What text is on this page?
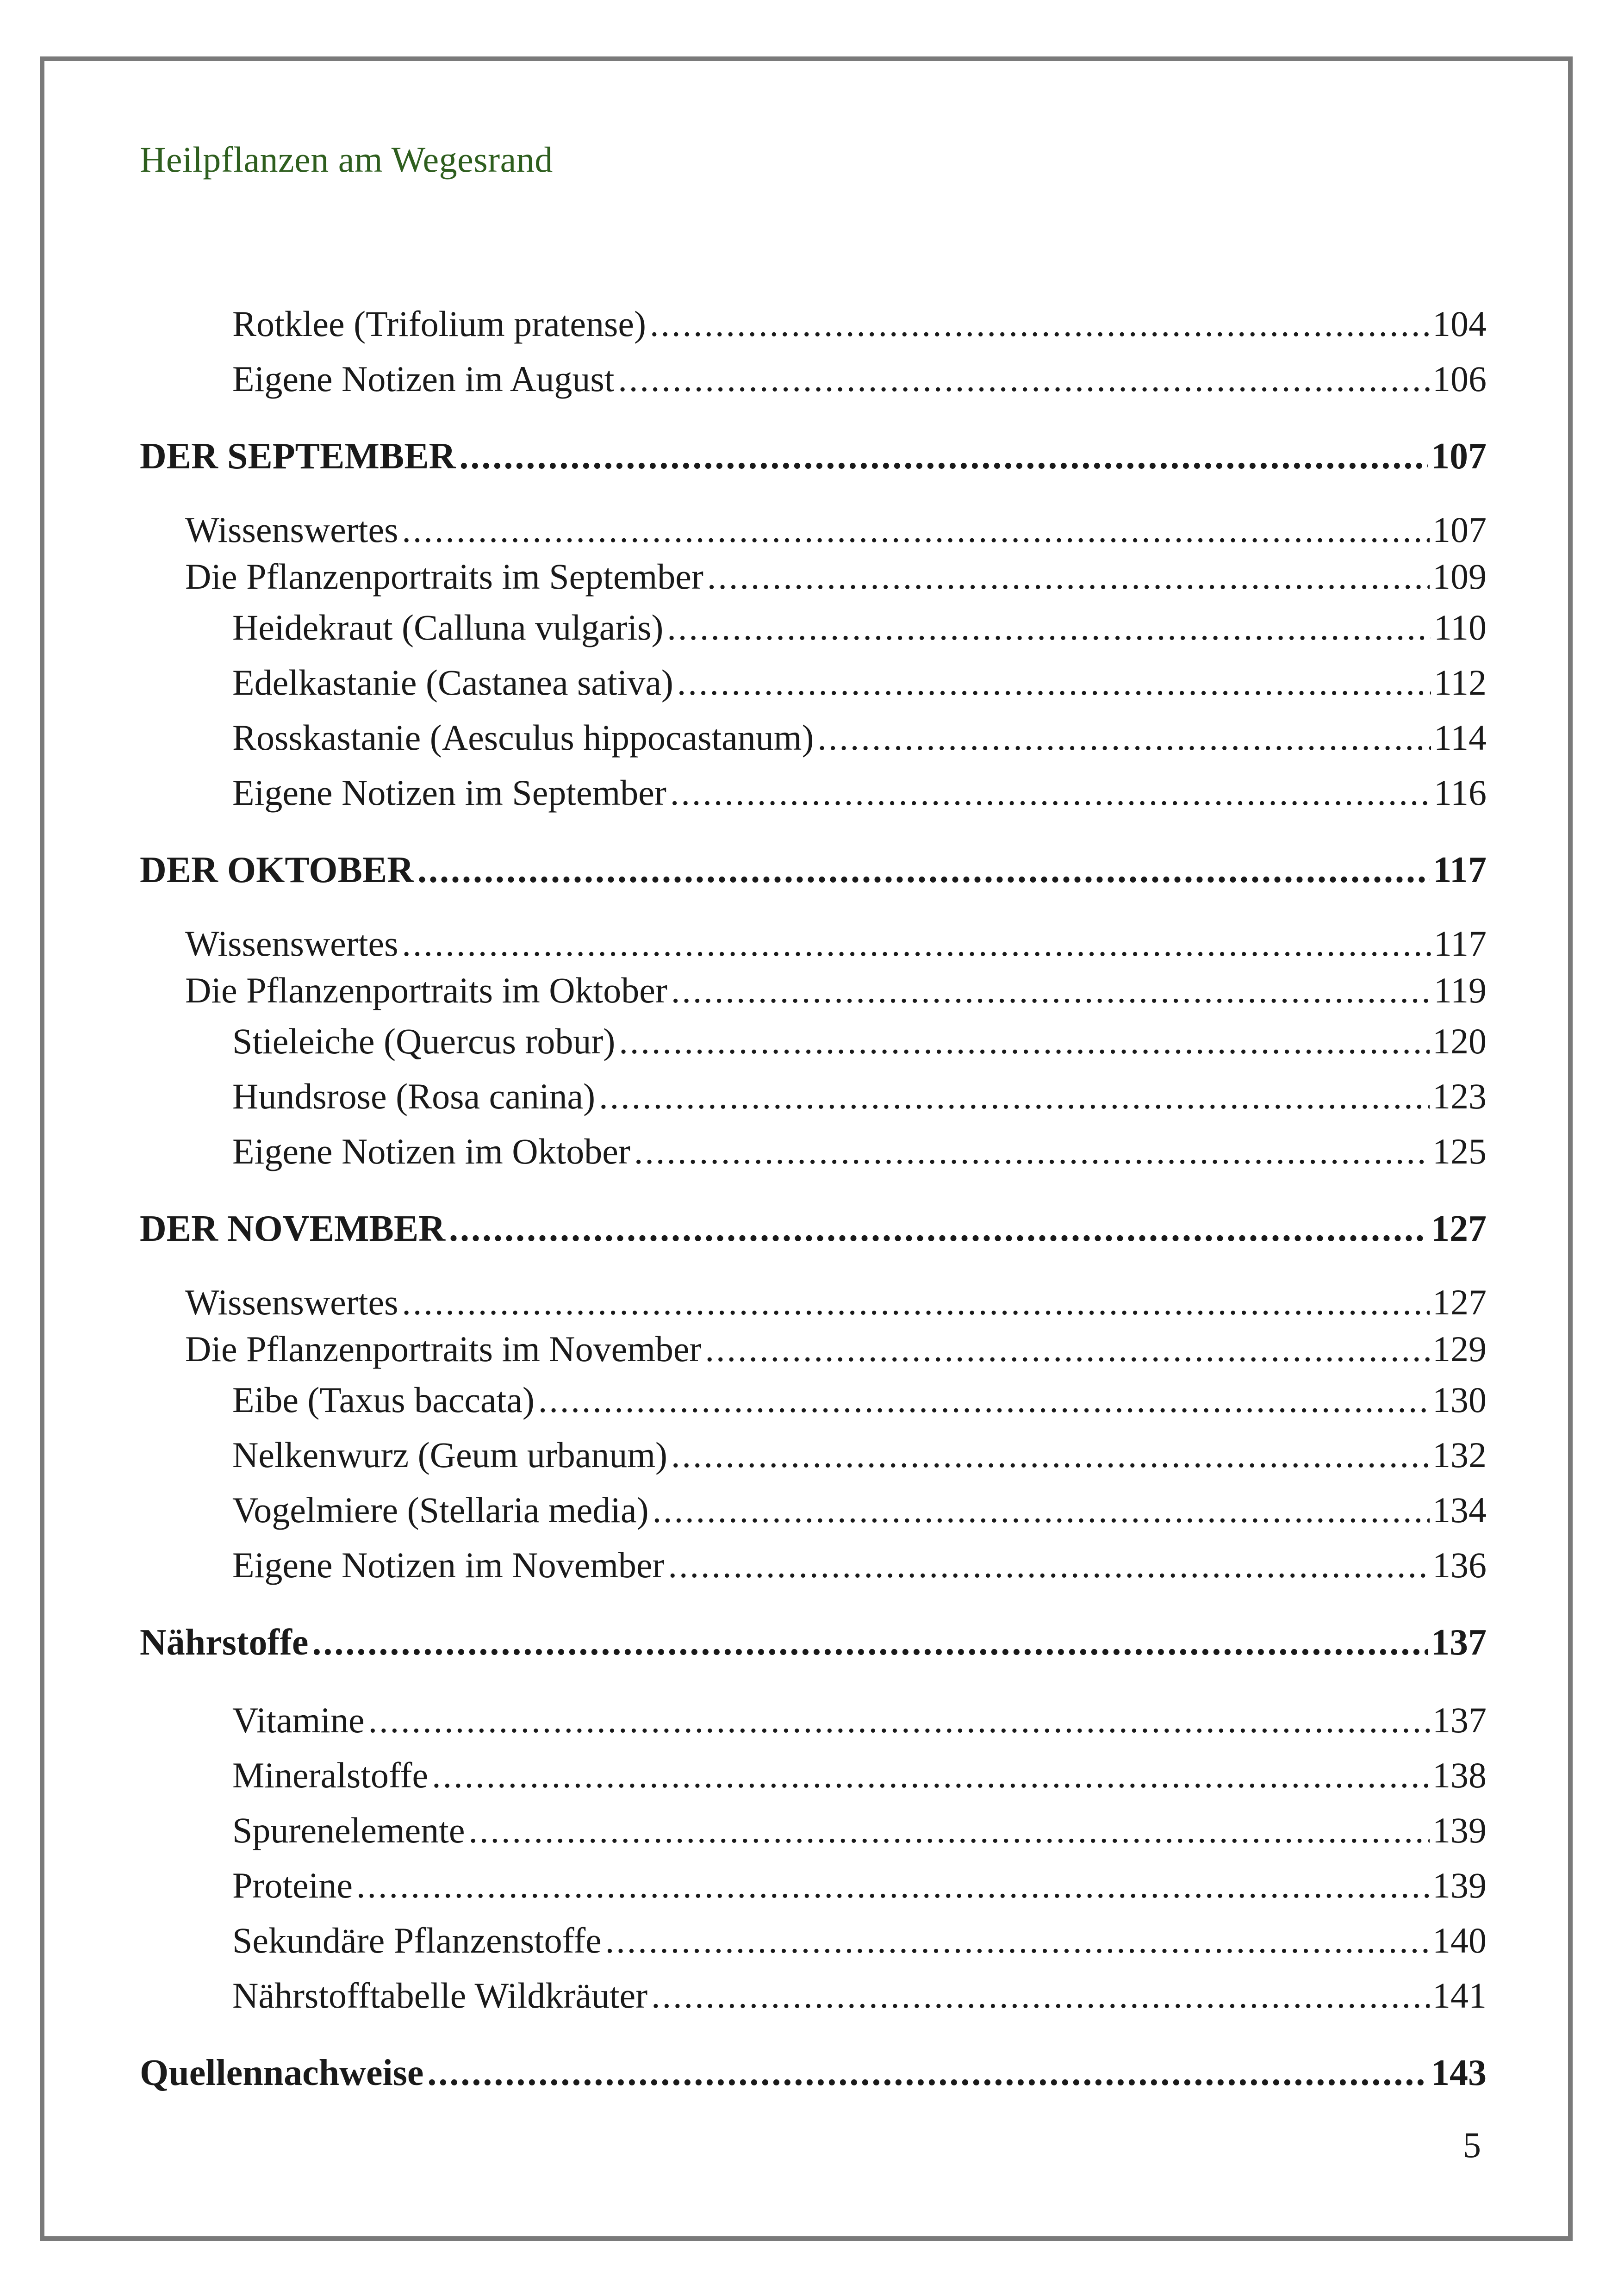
Heilpflanzen am Wegesrand
Rotklee (Trifolium pratense) .....	104
Eigene Notizen im August .....	106
DER SEPTEMBER .....	107
Wissenswertes .....	107
Die Pflanzenportraits im September .....	109
Heidekraut (Calluna vulgaris) .....	110
Edelkastanie (Castanea sativa) .....	112
Rosskastanie (Aesculus hippocastanum) .....	114
Eigene Notizen im September .....	116
DER OKTOBER .....	117
Wissenswertes .....	117
Die Pflanzenportraits im Oktober .....	119
Stieleiche (Quercus robur) .....	120
Hundsrose (Rosa canina) .....	123
Eigene Notizen im Oktober .....	125
DER NOVEMBER .....	127
Wissenswertes .....	127
Die Pflanzenportraits im November .....	129
Eibe (Taxus baccata) .....	130
Nelkenwurz (Geum urbanum) .....	132
Vogelmiere (Stellaria media) .....	134
Eigene Notizen im November .....	136
Nährstoffe .....	137
Vitamine .....	137
Mineralstoffe .....	138
Spurenelemente .....	139
Proteine .....	139
Sekundäre Pflanzenstoffe .....	140
Nährstofftabelle Wildkräuter .....	141
Quellennachweise .....	143
5
